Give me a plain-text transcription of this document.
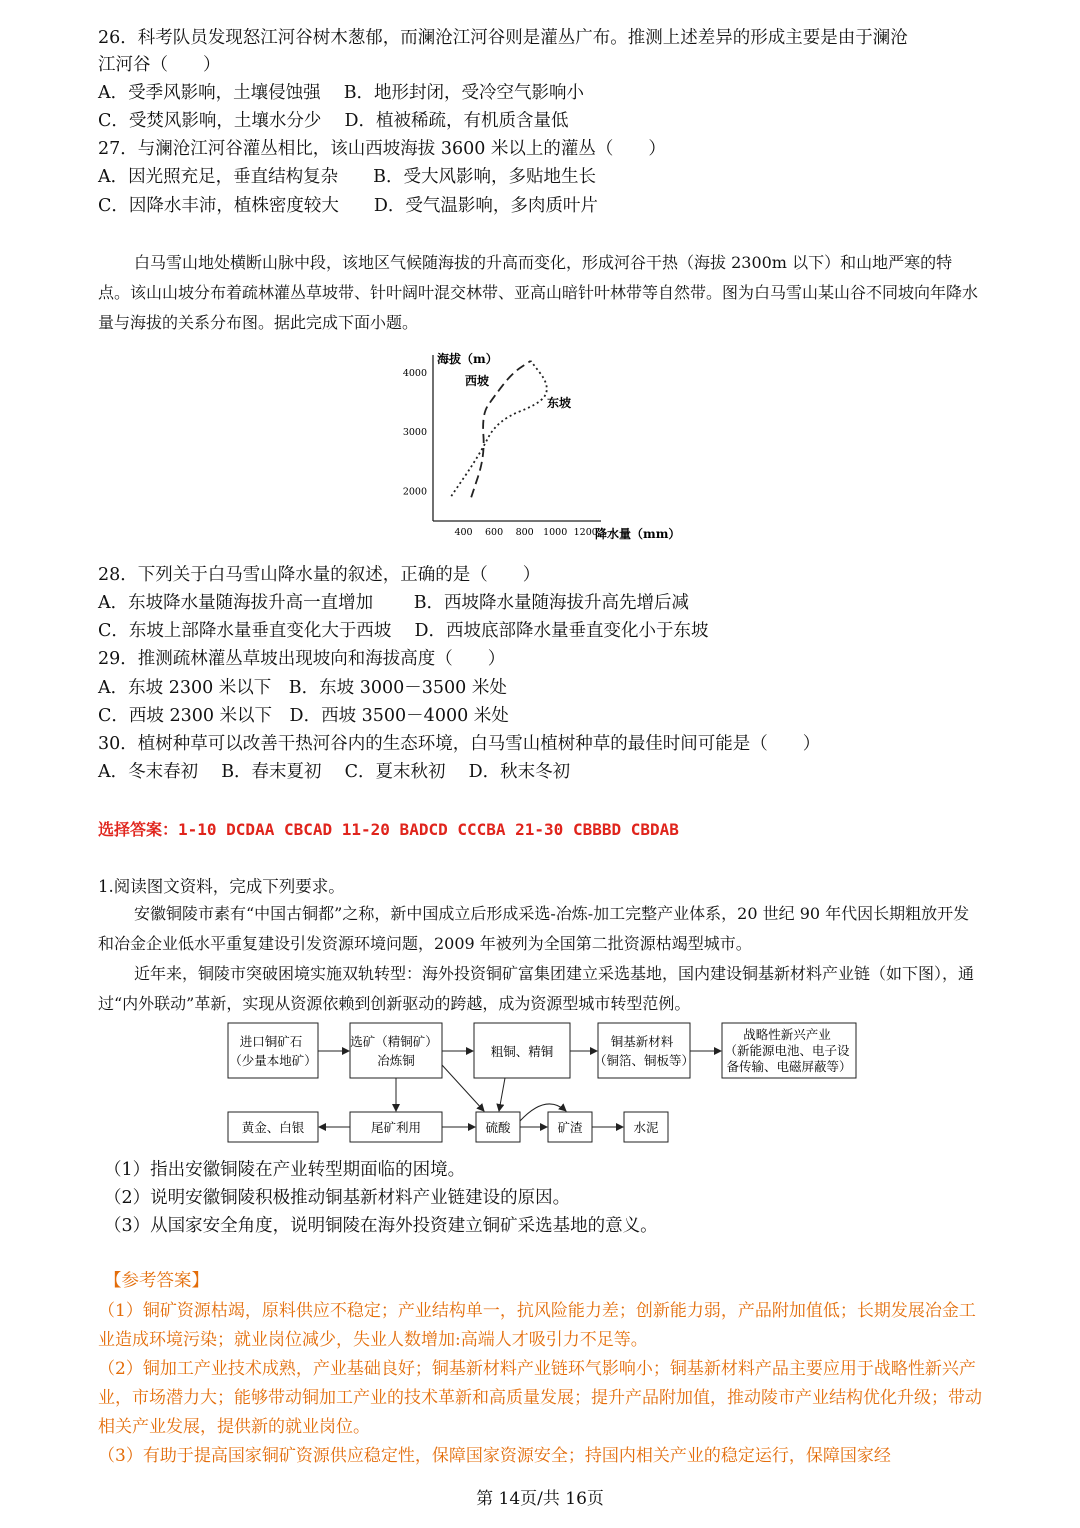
26．科考队员发现怒江河谷树木葱郁，而澜沧江河谷则是灌丛广布。推测上述差异的形成主要是由于澜沧
江河谷（　　）
A．受季风影响，土壤侵蚀强　 B．地形封闭，受冷空气影响小
C．受焚风影响，土壤水分少　 D．植被稀疏，有机质含量低
27．与澜沧江河谷灌丛相比，该山西坡海拔 3600 米以上的灌丛（　　）
A．因光照充足，垂直结构复杂　　B．受大风影响，多贴地生长
C．因降水丰沛，植株密度较大　　D．受气温影响，多肉质叶片
白马雪山地处横断山脉中段，该地区气候随海拔的升高而变化，形成河谷干热（海拔 2300m 以下）和山地严寒的特点。该山山坡分布着疏林灌丛草坡带、针叶阔叶混交林带、亚高山暗针叶林带等自然带。图为白马雪山某山谷不同坡向年降水量与海拔的关系分布图。据此完成下面小题。
2000
3000
4000
400 600 800 1000 1200
海拔（m）
降水量（mm）
西坡
东坡
28．下列关于白马雪山降水量的叙述，正确的是（　　）
A．东坡降水量随海拔升高一直增加　　 B．西坡降水量随海拔升高先增后减
C．东坡上部降水量垂直变化大于西坡　 D．西坡底部降水量垂直变化小于东坡
29．推测疏林灌丛草坡出现坡向和海拔高度（　　）
A．东坡 2300 米以下　B．东坡 3000－3500 米处
C．西坡 2300 米以下　D．西坡 3500－4000 米处
30．植树种草可以改善干热河谷内的生态环境，白马雪山植树种草的最佳时间可能是（　　）
A．冬末春初　 B．春末夏初　 C．夏末秋初　 D．秋末冬初
选择答案：1-10 DCDAA CBCAD 11-20 BADCD CCCBA 21-30 CBBBD CBDAB
1.阅读图文资料，完成下列要求。
安徽铜陵市素有“中国古铜都”之称，新中国成立后形成采选-冶炼-加工完整产业体系，20 世纪 90 年代因长期粗放开发和冶金企业低水平重复建设引发资源环境问题，2009 年被列为全国第二批资源枯竭型城市。
近年来，铜陵市突破困境实施双轨转型：海外投资铜矿富集团建立采选基地，国内建设铜基新材料产业链（如下图），通过“内外联动”革新，实现从资源依赖到创新驱动的跨越，成为资源型城市转型范例。
进口铜矿石 （少量本地矿）
选矿（精铜矿） 冶炼铜
粗铜、精铜
铜基新材料 （铜箔、铜板等）
战略性新兴产业 （新能源电池、电子设 备传输、电磁屏蔽等）
黄金、白银	尾矿利用	硫酸	矿渣	水泥
（1）指出安徽铜陵在产业转型期面临的困境。
（2）说明安徽铜陵积极推动铜基新材料产业链建设的原因。
（3）从国家安全角度，说明铜陵在海外投资建立铜矿采选基地的意义。
【参考答案】
（1）铜矿资源枯竭，原料供应不稳定；产业结构单一，抗风险能力差；创新能力弱，产品附加值低；长期发展冶金工业造成环境污染；就业岗位减少，失业人数增加:高端人才吸引力不足等。
（2）铜加工产业技术成熟，产业基础良好；铜基新材料产业链环气影响小；铜基新材料产品主要应用于战略性新兴产业，市场潜力大；能够带动铜加工产业的技术革新和高质量发展；提升产品附加值，推动陵市产业结构优化升级；带动相关产业发展，提供新的就业岗位。
（3）有助于提高国家铜矿资源供应稳定性，保障国家资源安全；持国内相关产业的稳定运行，保障国家经
第 14页/共 16页
